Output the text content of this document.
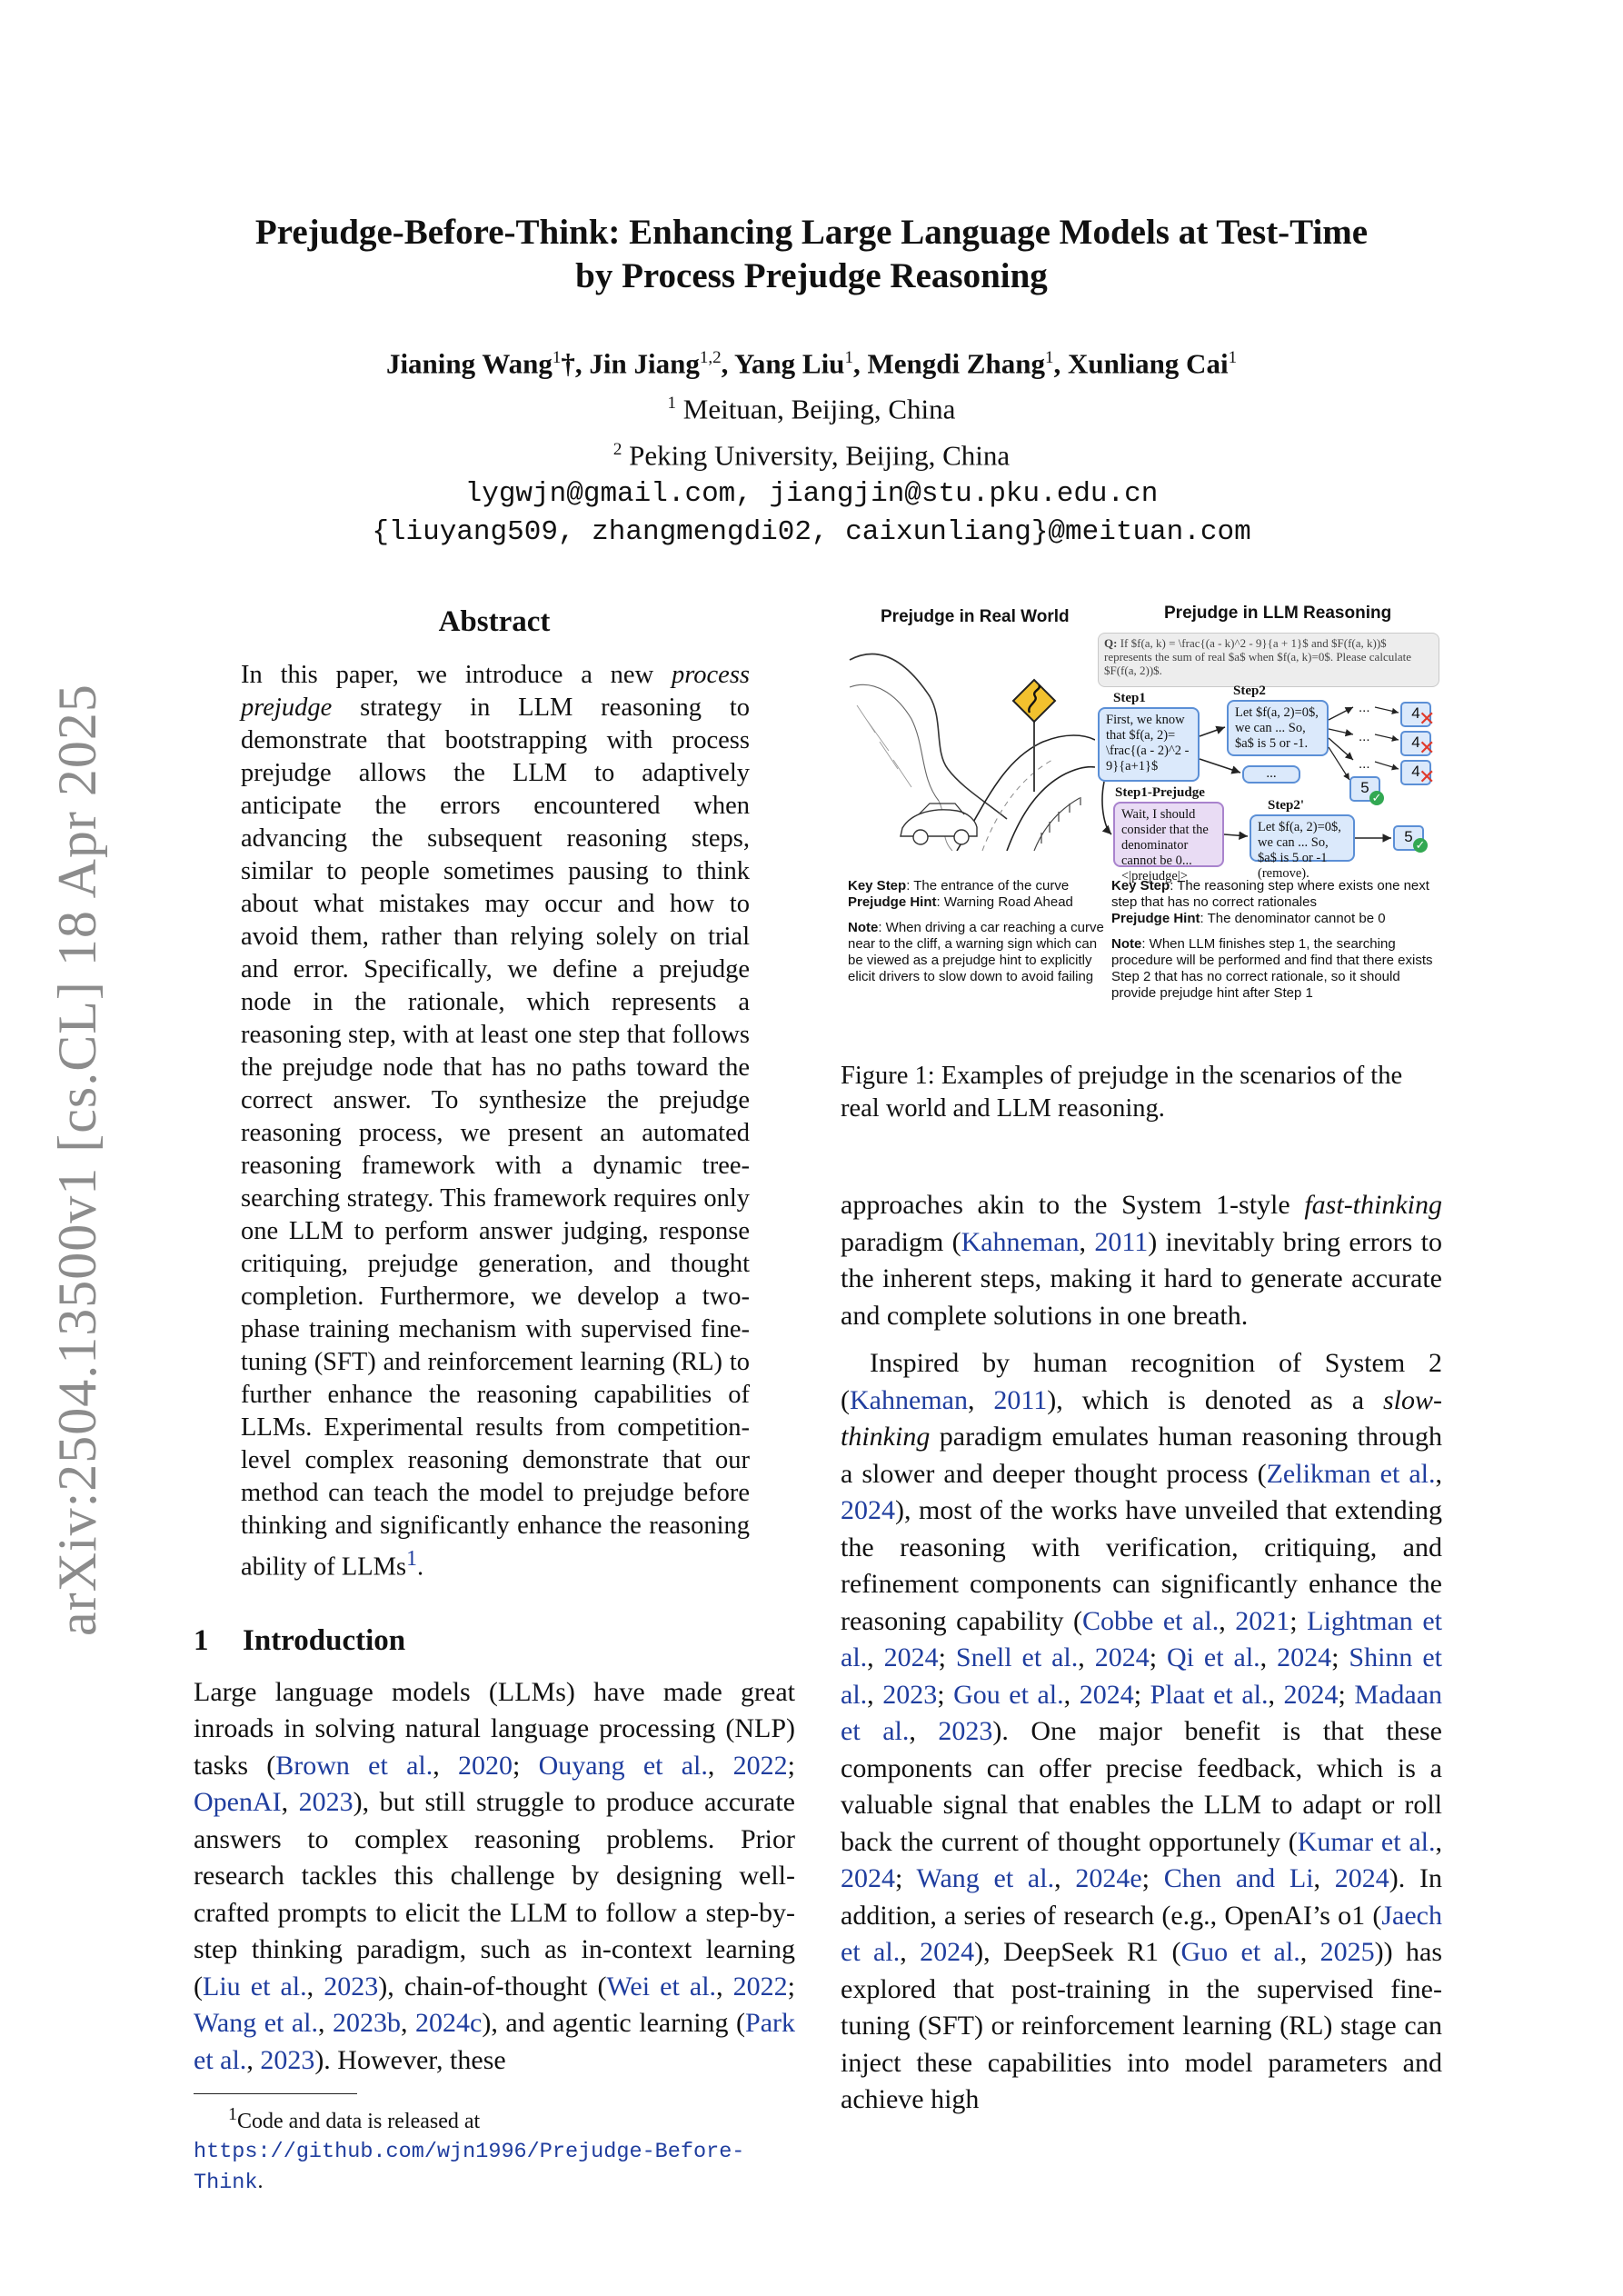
Prejudge-Before-Think: Enhancing Large Language Models at Test-Time
by Process Prejudge Reasoning
Jianing Wang$^1$†, Jin Jiang$^{1,2}$, Yang Liu$^1$, Mengdi Zhang$^1$, Xunliang Cai$^1$
$^1$ Meituan, Beijing, China
$^2$ Peking University, Beijing, China
lygwjn@gmail.com, jiangjin@stu.pku.edu.cn
{liuyang509, zhangmengdi02, caixunliang}@meituan.com
arXiv:2504.13500v1 [cs.CL] 18 Apr 2025
Abstract
In this paper, we introduce a new process prejudge strategy in LLM reasoning to demonstrate that bootstrapping with process prejudge allows the LLM to adaptively anticipate the errors encountered when advancing the subsequent reasoning steps, similar to people sometimes pausing to think about what mistakes may occur and how to avoid them, rather than relying solely on trial and error. Specifically, we define a prejudge node in the rationale, which represents a reasoning step, with at least one step that follows the prejudge node that has no paths toward the correct answer. To synthesize the prejudge reasoning process, we present an automated reasoning framework with a dynamic tree-searching strategy. This framework requires only one LLM to perform answer judging, response critiquing, prejudge generation, and thought completion. Furthermore, we develop a two-phase training mechanism with supervised fine-tuning (SFT) and reinforcement learning (RL) to further enhance the reasoning capabilities of LLMs. Experimental results from competition-level complex reasoning demonstrate that our method can teach the model to prejudge before thinking and significantly enhance the reasoning ability of LLMs$^1$.
1 Introduction
Large language models (LLMs) have made great inroads in solving natural language processing (NLP) tasks (Brown et al., 2020; Ouyang et al., 2022; OpenAI, 2023), but still struggle to produce accurate answers to complex reasoning problems. Prior research tackles this challenge by designing well-crafted prompts to elicit the LLM to follow a step-by-step thinking paradigm, such as in-context learning (Liu et al., 2023), chain-of-thought (Wei et al., 2022; Wang et al., 2023b, 2024c), and agentic learning (Park et al., 2023). However, these
$^1$Code and data is released at https://github.com/wjn1996/Prejudge-Before-Think.
Prejudge in Real World	Prejudge in LLM Reasoning
Q: If $f(a, k) = \frac{(a - k)^2 - 9}{a + 1}$ and $F(f(a, k))$ represents the sum of real $a$ when $f(a, k)=0$. Please calculate $F(f(a, 2))$.
Step1	Step2
First, we know that $f(a, 2)= \frac{(a - 2)^2 - 9}{a+1}$
Let $f(a, 2)=0$, we can ... So, $a$ is 5 or -1.
...
...
...
...
4
✕
4
✕
4
✕
5
✓
Step1-Prejudge
Step2'
Wait, I should consider that the denominator cannot be 0... <|prejudge|>
Let $f(a, 2)=0$, we can ... So, $a$ is 5 or -1 (remove).
5 ✓
Key Step: The entrance of the curve
Prejudge Hint: Warning Road Ahead
Note: When driving a car reaching a curve near to the cliff, a warning sign which can be viewed as a prejudge hint to explicitly elicit drivers to slow down to avoid failing
Key Step: The reasoning step where exists one next step that has no correct rationales
Prejudge Hint: The denominator cannot be 0
Note: When LLM finishes step 1, the searching procedure will be performed and find that there exists Step 2 that has no correct rationale, so it should provide prejudge hint after Step 1
Figure 1: Examples of prejudge in the scenarios of the real world and LLM reasoning.
approaches akin to the System 1-style fast-thinking paradigm (Kahneman, 2011) inevitably bring errors to the inherent steps, making it hard to generate accurate and complete solutions in one breath.

Inspired by human recognition of System 2 (Kahneman, 2011), which is denoted as a slow-thinking paradigm emulates human reasoning through a slower and deeper thought process (Zelikman et al., 2024), most of the works have unveiled that extending the reasoning with verification, critiquing, and refinement components can significantly enhance the reasoning capability (Cobbe et al., 2021; Lightman et al., 2024; Snell et al., 2024; Qi et al., 2024; Shinn et al., 2023; Gou et al., 2024; Plaat et al., 2024; Madaan et al., 2023). One major benefit is that these components can offer precise feedback, which is a valuable signal that enables the LLM to adapt or roll back the current of thought opportunely (Kumar et al., 2024; Wang et al., 2024e; Chen and Li, 2024). In addition, a series of research (e.g., OpenAI’s o1 (Jaech et al., 2024), DeepSeek R1 (Guo et al., 2025)) has explored that post-training in the supervised fine-tuning (SFT) or reinforcement learning (RL) stage can inject these capabilities into model parameters and achieve high
